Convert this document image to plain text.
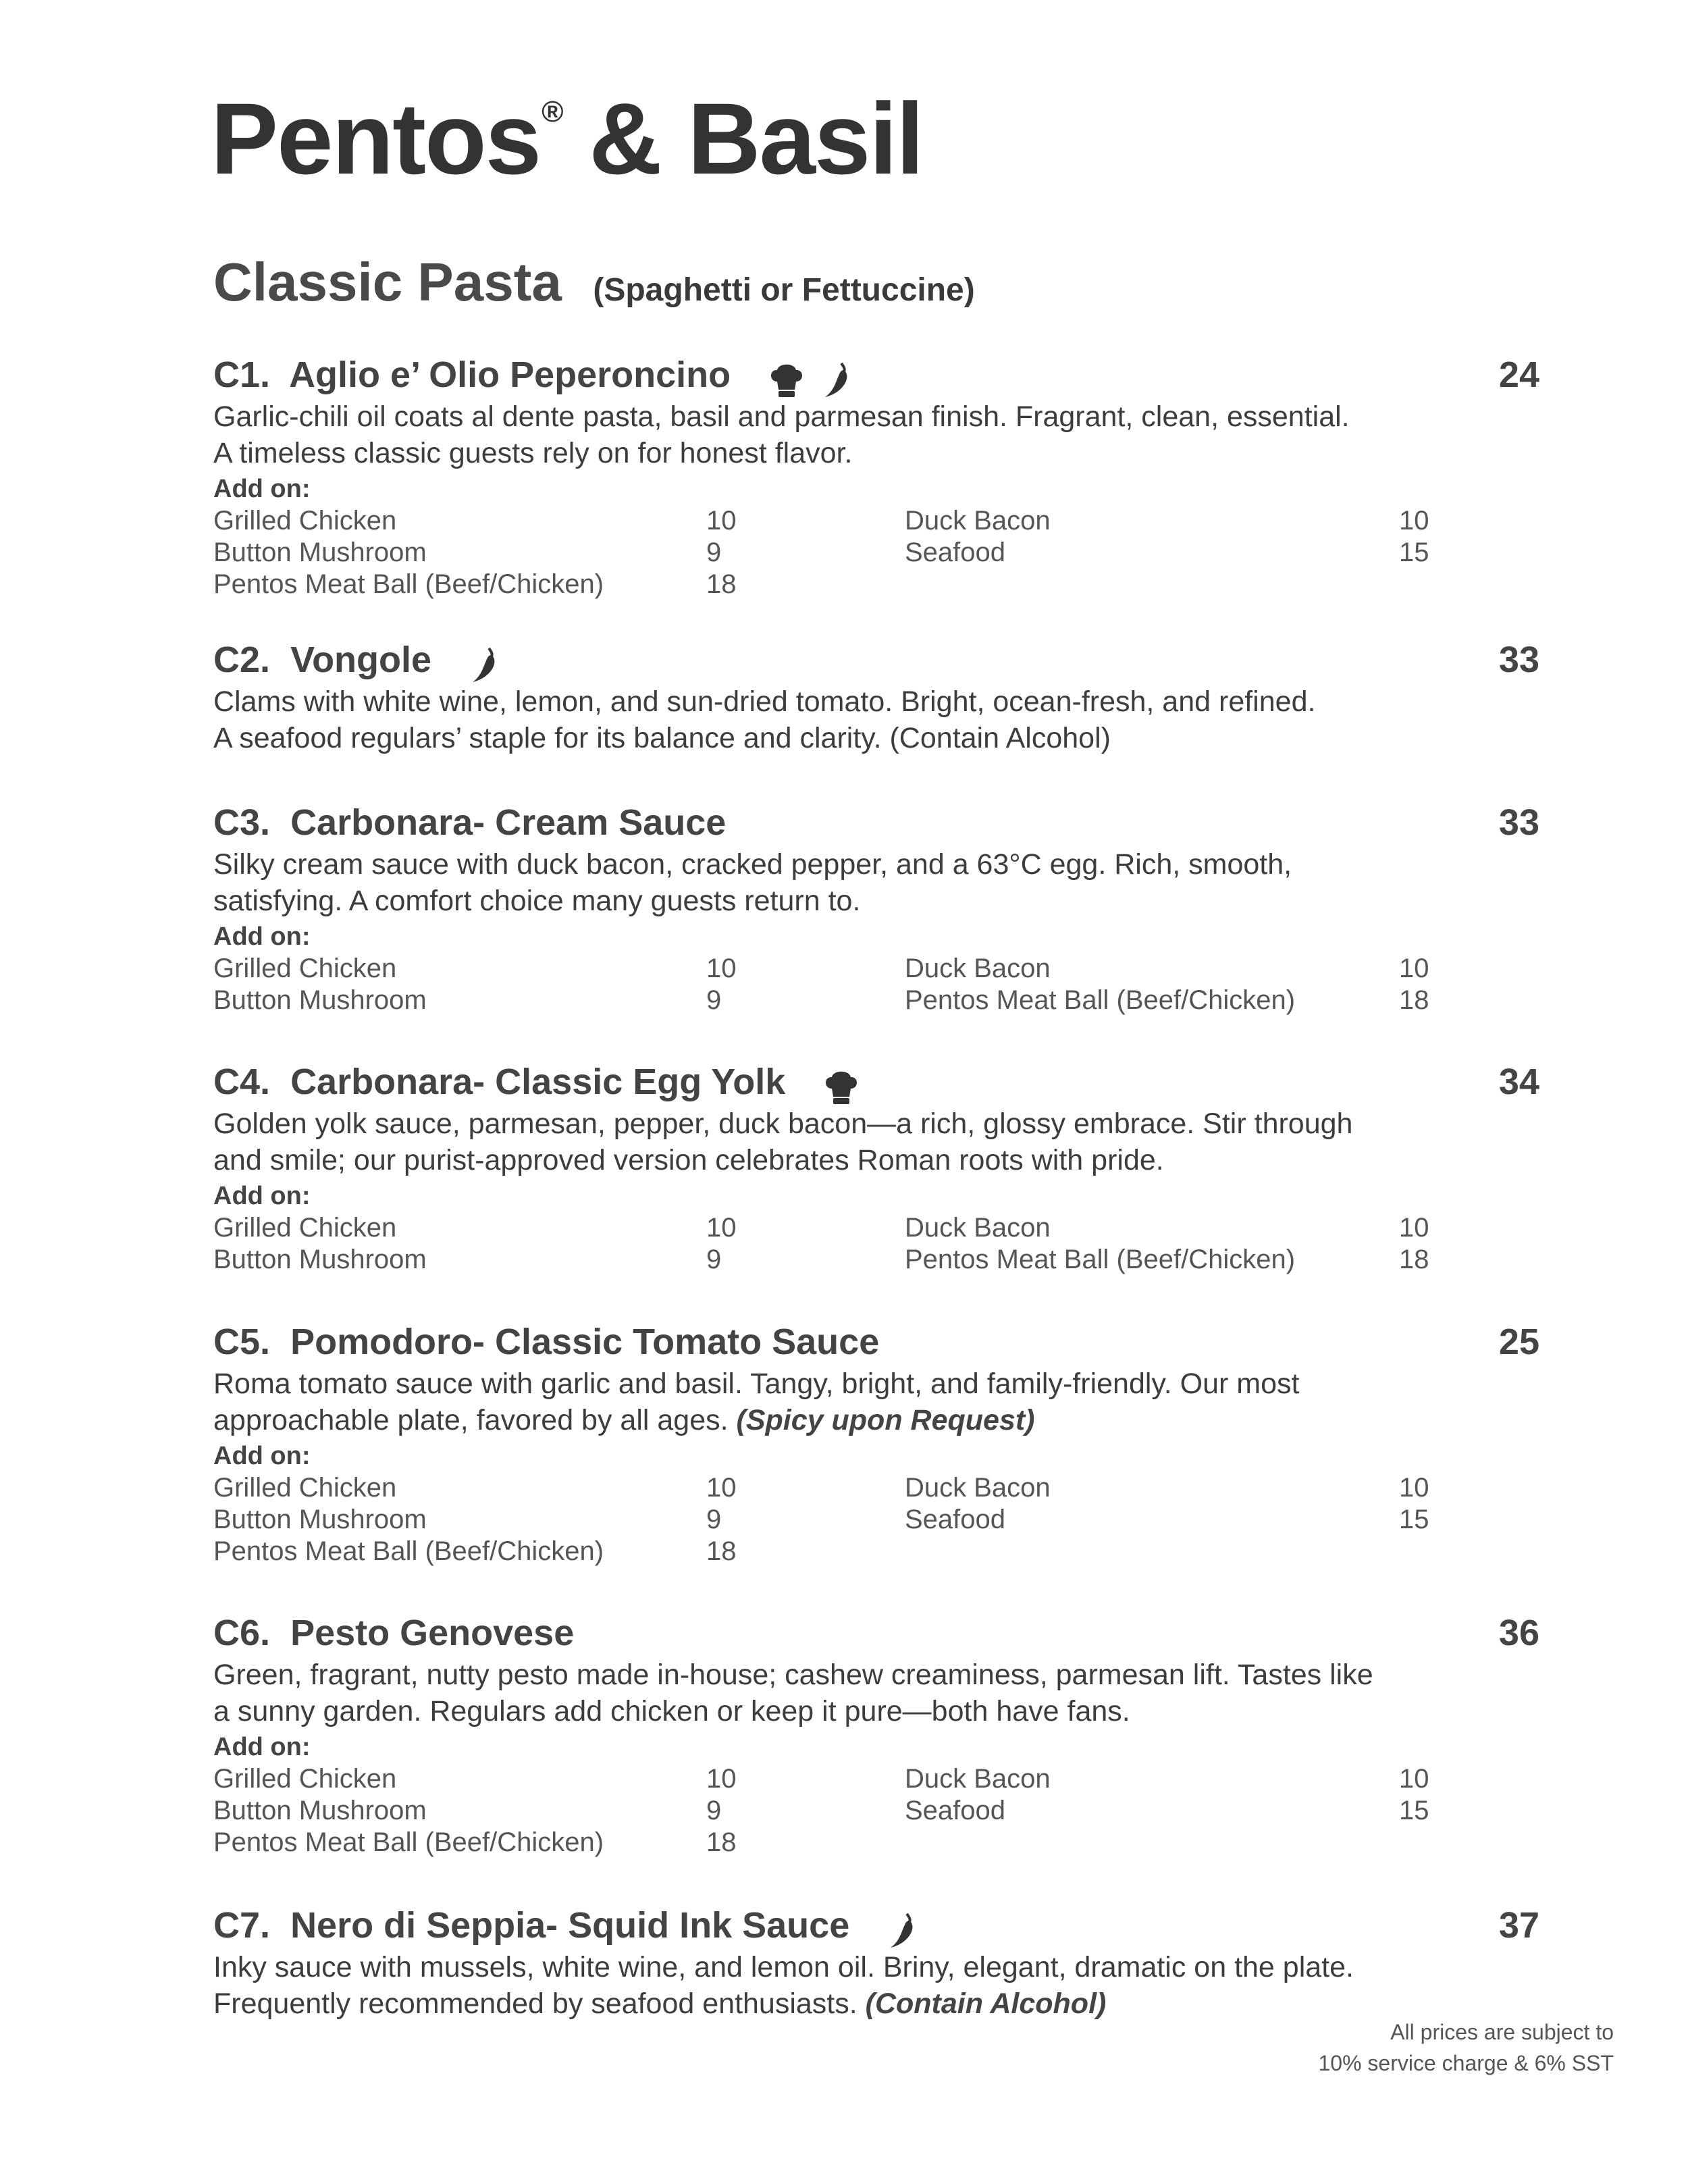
Pentos® & Basil
Classic Pasta (Spaghetti or Fettuccine)
C1. Aglio e’ Olio Peperoncino	24
Garlic-chili oil coats al dente pasta, basil and parmesan finish. Fragrant, clean, essential.
A timeless classic guests rely on for honest flavor.
Add on:
Grilled Chicken	10	Duck Bacon	10
Button Mushroom	9	Seafood	15
Pentos Meat Ball (Beef/Chicken)	18
C2. Vongole	33
Clams with white wine, lemon, and sun-dried tomato. Bright, ocean-fresh, and refined.
A seafood regulars’ staple for its balance and clarity. (Contain Alcohol)
C3. Carbonara- Cream Sauce	33
Silky cream sauce with duck bacon, cracked pepper, and a 63°C egg. Rich, smooth,
satisfying. A comfort choice many guests return to.
Add on:
Grilled Chicken	10	Duck Bacon	10
Button Mushroom	9	Pentos Meat Ball (Beef/Chicken)	18
C4. Carbonara- Classic Egg Yolk	34
Golden yolk sauce, parmesan, pepper, duck bacon—a rich, glossy embrace. Stir through
and smile; our purist-approved version celebrates Roman roots with pride.
Add on:
Grilled Chicken	10	Duck Bacon	10
Button Mushroom	9	Pentos Meat Ball (Beef/Chicken)	18
C5. Pomodoro- Classic Tomato Sauce	25
Roma tomato sauce with garlic and basil. Tangy, bright, and family-friendly. Our most
approachable plate, favored by all ages. (Spicy upon Request)
Add on:
Grilled Chicken	10	Duck Bacon	10
Button Mushroom	9	Seafood	15
Pentos Meat Ball (Beef/Chicken)	18
C6. Pesto Genovese	36
Green, fragrant, nutty pesto made in-house; cashew creaminess, parmesan lift. Tastes like
a sunny garden. Regulars add chicken or keep it pure—both have fans.
Add on:
Grilled Chicken	10	Duck Bacon	10
Button Mushroom	9	Seafood	15
Pentos Meat Ball (Beef/Chicken)	18
C7. Nero di Seppia- Squid Ink Sauce	37
Inky sauce with mussels, white wine, and lemon oil. Briny, elegant, dramatic on the plate.
Frequently recommended by seafood enthusiasts. (Contain Alcohol)
All prices are subject to
10% service charge & 6% SST
